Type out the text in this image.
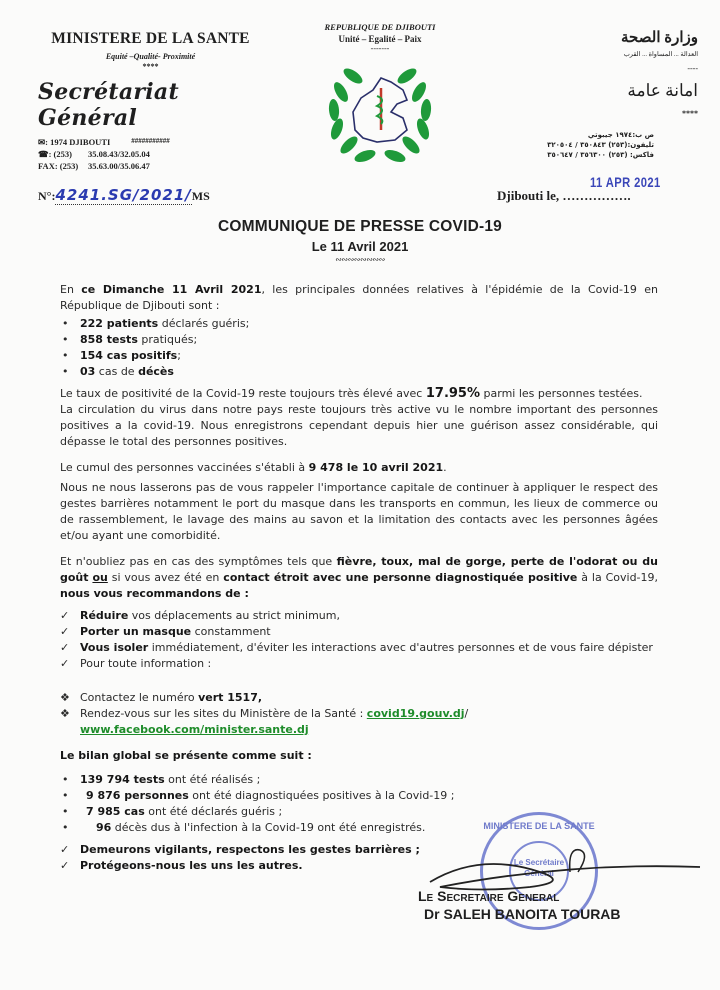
MINISTERE DE LA SANTE
Equité –Qualité- Proximité
****
Secrétariat Général
###########
✉: 1974 DJIBOUTI
☎: (253) 35.08.43/32.05.04
FAX: (253) 35.63.00/35.06.47
N°:4241.SG/2021/MS
REPUBLIQUE DE DJIBOUTI
Unité – Egalité – Paix
-------
وزارة الصحة
العدالة ... المساواة ... القرب
----
امانة عامة
****
ص ب:١٩٧٤ جيبوتي
تليفون:(٢٥٣) ٣٥٠٨٤٣ / ٣٢٠٥٠٤
فاكس: (٢٥٣) ٣٥٦٣٠٠ / ٣٥٠٦٤٧
11 APR 2021
Djibouti le, …………….
COMMUNIQUE DE PRESSE COVID-19
Le 11 Avril 2021
∾∾∾∾∾∾∾∾
En ce Dimanche 11 Avril 2021, les principales données relatives à l'épidémie de la Covid-19 en République de Djibouti sont :
• 222 patients déclarés guéris;
• 858 tests pratiqués;
• 154 cas positifs;
• 03 cas de décès
Le taux de positivité de la Covid-19 reste toujours très élevé avec 17.95% parmi les personnes testées.
La circulation du virus dans notre pays reste toujours très active vu le nombre important des personnes positives a la covid-19. Nous enregistrons cependant depuis hier une guérison assez considérable, qui dépasse le total des personnes positives.
Le cumul des personnes vaccinées s'établi à 9 478 le 10 avril 2021.
Nous ne nous lasserons pas de vous rappeler l'importance capitale de continuer à appliquer le respect des gestes barrières notamment le port du masque dans les transports en commun, les lieux de commerce ou de rassemblement, le lavage des mains au savon et la limitation des contacts avec les personnes âgées et/ou ayant une comorbidité.
Et n'oubliez pas en cas des symptômes tels que fièvre, toux, mal de gorge, perte de l'odorat ou du goût ou si vous avez été en contact étroit avec une personne diagnostiquée positive à la Covid-19, nous vous recommandons de :
✓ Réduire vos déplacements au strict minimum,
✓ Porter un masque constamment
✓ Vous isoler immédiatement, d'éviter les interactions avec d'autres personnes et de vous faire dépister
✓ Pour toute information :
❖ Contactez le numéro vert 1517,
❖ Rendez-vous sur les sites du Ministère de la Santé : covid19.gouv.dj/
www.facebook.com/minister.sante.dj
Le bilan global se présente comme suit :
• 139 794 tests ont été réalisés ;
• 9 876 personnes ont été diagnostiquées positives à la Covid-19 ;
• 7 985 cas ont été déclarés guéris ;
• 96 décès dus à l'infection à la Covid-19 ont été enregistrés.
✓ Demeurons vigilants, respectons les gestes barrières ;
✓ Protégeons-nous les uns les autres.
MINISTERE DE LA SANTE
Le Secrétaire
Général
Le Secretaire General
Dr SALEH BANOITA TOURAB
